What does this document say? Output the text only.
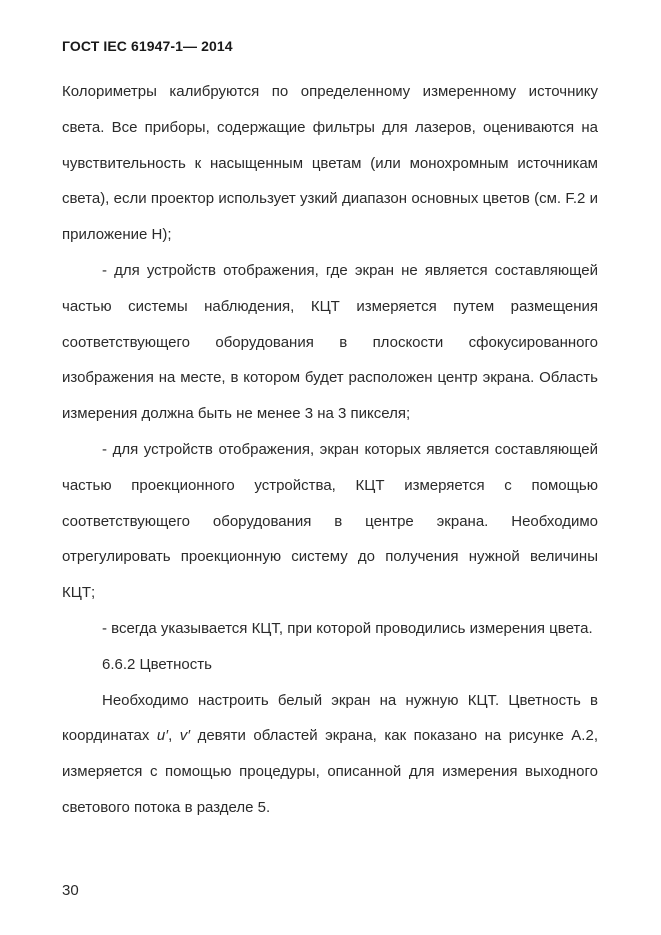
ГОСТ IEC 61947-1— 2014

Колориметры калибруются по определенному измеренному источнику света. Все приборы, содержащие фильтры для лазеров, оцениваются на чувствительность к насыщенным цветам (или монохромным источникам света), если проектор использует узкий диапазон основных цветов (см. F.2 и приложение Н);

- для устройств отображения, где экран не является составляющей частью системы наблюдения, КЦТ измеряется путем размещения соответствующего оборудования в плоскости сфокусированного изображения на месте, в котором будет расположен центр экрана. Область измерения должна быть не менее 3 на 3 пикселя;

- для устройств отображения, экран которых является составляющей частью проекционного устройства, КЦТ измеряется с помощью соответствующего оборудования в центре экрана. Необходимо отрегулировать проекционную систему до получения нужной величины КЦТ;

- всегда указывается КЦТ, при которой проводились измерения цвета.

6.6.2 Цветность

Необходимо настроить белый экран на нужную КЦТ. Цветность в координатах u′, v′ девяти областей экрана, как показано на рисунке А.2, измеряется с помощью процедуры, описанной для измерения выходного светового потока в разделе 5.

30
